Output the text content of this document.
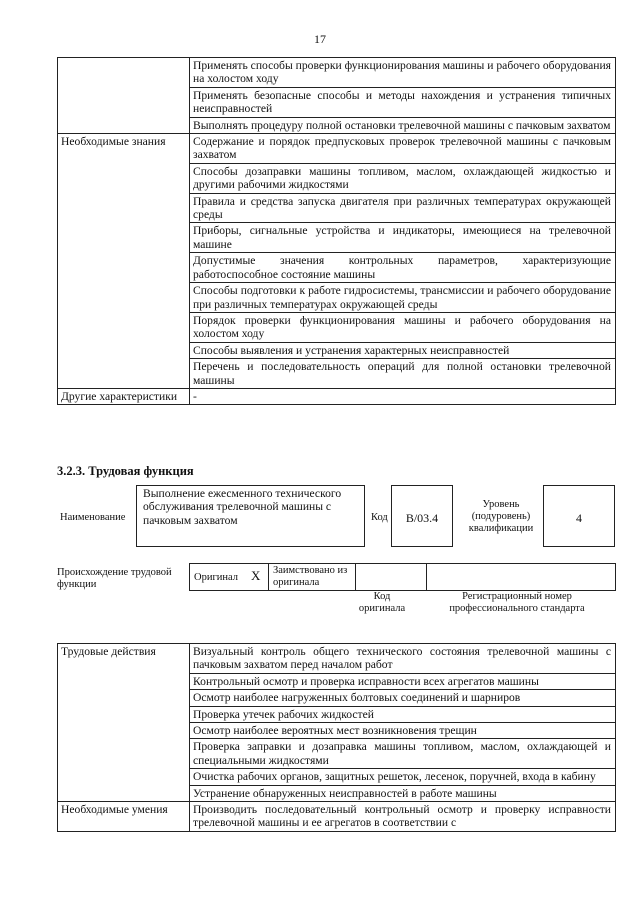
17
	Применять способы проверки функционирования машины и рабочего оборудования на холостом ходу
	Применять безопасные способы и методы нахождения и устранения типичных неисправностей
	Выполнять процедуру полной остановки трелевочной машины с пачковым захватом
Необходимые знания	Содержание и порядок предпусковых проверок трелевочной машины с пачковым захватом
	Способы дозаправки машины топливом, маслом, охлаждающей жидкостью и другими рабочими жидкостями
	Правила и средства запуска двигателя при различных температурах окружающей среды
	Приборы, сигнальные устройства и индикаторы, имеющиеся на трелевочной машине
	Допустимые значения контрольных параметров, характеризующие работоспособное состояние машины
	Способы подготовки к работе гидросистемы, трансмиссии и рабочего оборудование при различных температурах окружающей среды
	Порядок проверки функционирования машины и рабочего оборудования на холостом ходу
	Способы выявления и устранения характерных неисправностей
	Перечень и последовательность операций для полной остановки трелевочной машины
Другие характеристики	-
3.2.3. Трудовая функция
Наименование
Выполнение ежесменного технического обслуживания трелевочной машины с пачковым захватом	Код	B/03.4
Уровень (подуровень) квалификации
4
Происхождение трудовой функции
Оригинал X Заимствовано из оригинала
Код оригинала
Регистрационный номер профессионального стандарта
Трудовые действия	Визуальный контроль общего технического состояния трелевочной машины с пачковым захватом перед началом работ
	Контрольный осмотр и проверка исправности всех агрегатов машины
	Осмотр наиболее нагруженных болтовых соединений и шарниров
	Проверка утечек рабочих жидкостей
	Осмотр наиболее вероятных мест возникновения трещин
	Проверка заправки и дозаправка машины топливом, маслом, охлаждающей и специальными жидкостями
	Очистка рабочих органов, защитных решеток, лесенок, поручней, входа в кабину
	Устранение обнаруженных неисправностей в работе машины
Необходимые умения	Производить последовательный контрольный осмотр и проверку исправности трелевочной машины и ее агрегатов в соответствии с
